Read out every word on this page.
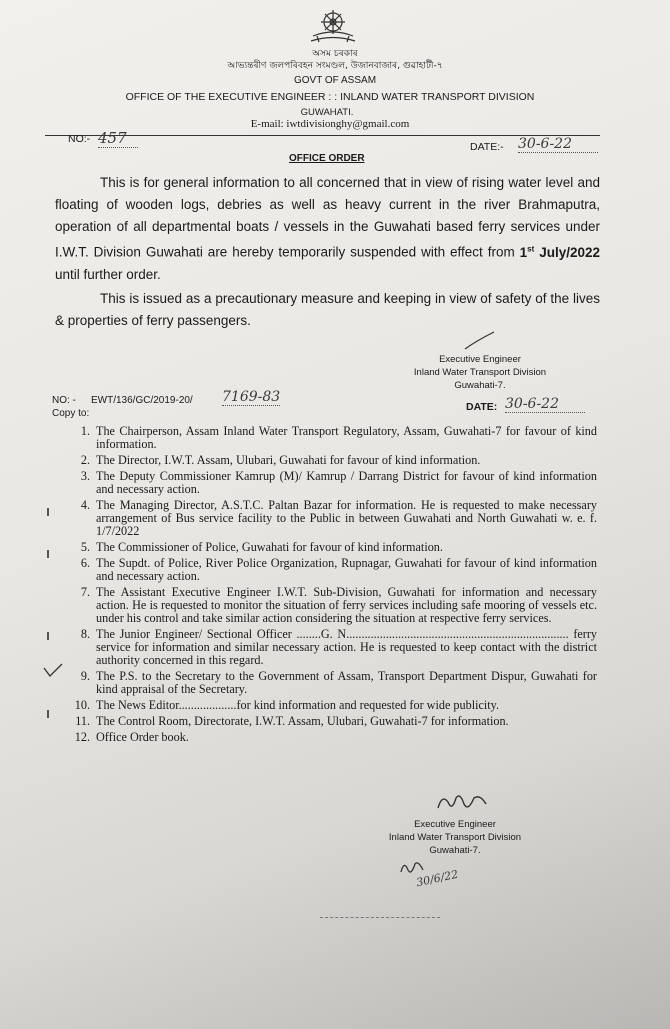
অসম চৰকাৰ
আভ্যন্তৰীণ জলপৰিবহন সংমণ্ডল, উজানবাজাৰ, গুৱাহাটী-৭
GOVT OF ASSAM
OFFICE OF THE EXECUTIVE ENGINEER : : INLAND WATER TRANSPORT DIVISION
GUWAHATI.
E-mail: iwtdivisionghy@gmail.com
NO:- 457	DATE:- 30-6-22
OFFICE ORDER

This is for general information to all concerned that in view of rising water level and floating of wooden logs, debries as well as heavy current in the river Brahmaputra, operation of all departmental boats / vessels in the Guwahati based ferry services under I.W.T. Division Guwahati are hereby temporarily suspended with effect from 1st July/2022 until further order.

This is issued as a precautionary measure and keeping in view of safety of the lives & properties of ferry passengers.

Executive Engineer
Inland Water Transport Division
Guwahati-7.
NO: - EWT/136/GC/2019-20/ 7169-83
DATE: 30-6-22
Copy to:
1. The Chairperson, Assam Inland Water Transport Regulatory, Assam, Guwahati-7 for favour of kind information.
2. The Director, I.W.T. Assam, Ulubari, Guwahati for favour of kind information.
3. The Deputy Commissioner Kamrup (M)/ Kamrup / Darrang District for favour of kind information and necessary action.
4. The Managing Director, A.S.T.C. Paltan Bazar for information. He is requested to make necessary arrangement of Bus service facility to the Public in between Guwahati and North Guwahati w. e. f. 1/7/2022
5. The Commissioner of Police, Guwahati for favour of kind information.
6. The Supdt. of Police, River Police Organization, Rupnagar, Guwahati for favour of kind information and necessary action.
7. The Assistant Executive Engineer I.W.T. Sub-Division, Guwahati for information and necessary action. He is requested to monitor the situation of ferry services including safe mooring of vessels etc. under his control and take similar action considering the situation at respective ferry services.
8. The Junior Engineer/ Sectional Officer ........G. N......................................................................... ferry service for information and similar necessary action. He is requested to keep contact with the district authority concerned in this regard.
9. The P.S. to the Secretary to the Government of Assam, Transport Department Dispur, Guwahati for kind appraisal of the Secretary.
10. The News Editor...................for kind information and requested for wide publicity.
11. The Control Room, Directorate, I.W.T. Assam, Ulubari, Guwahati-7 for information.
12. Office Order book.
Executive Engineer
Inland Water Transport Division
Guwahati-7.
30/6/22
